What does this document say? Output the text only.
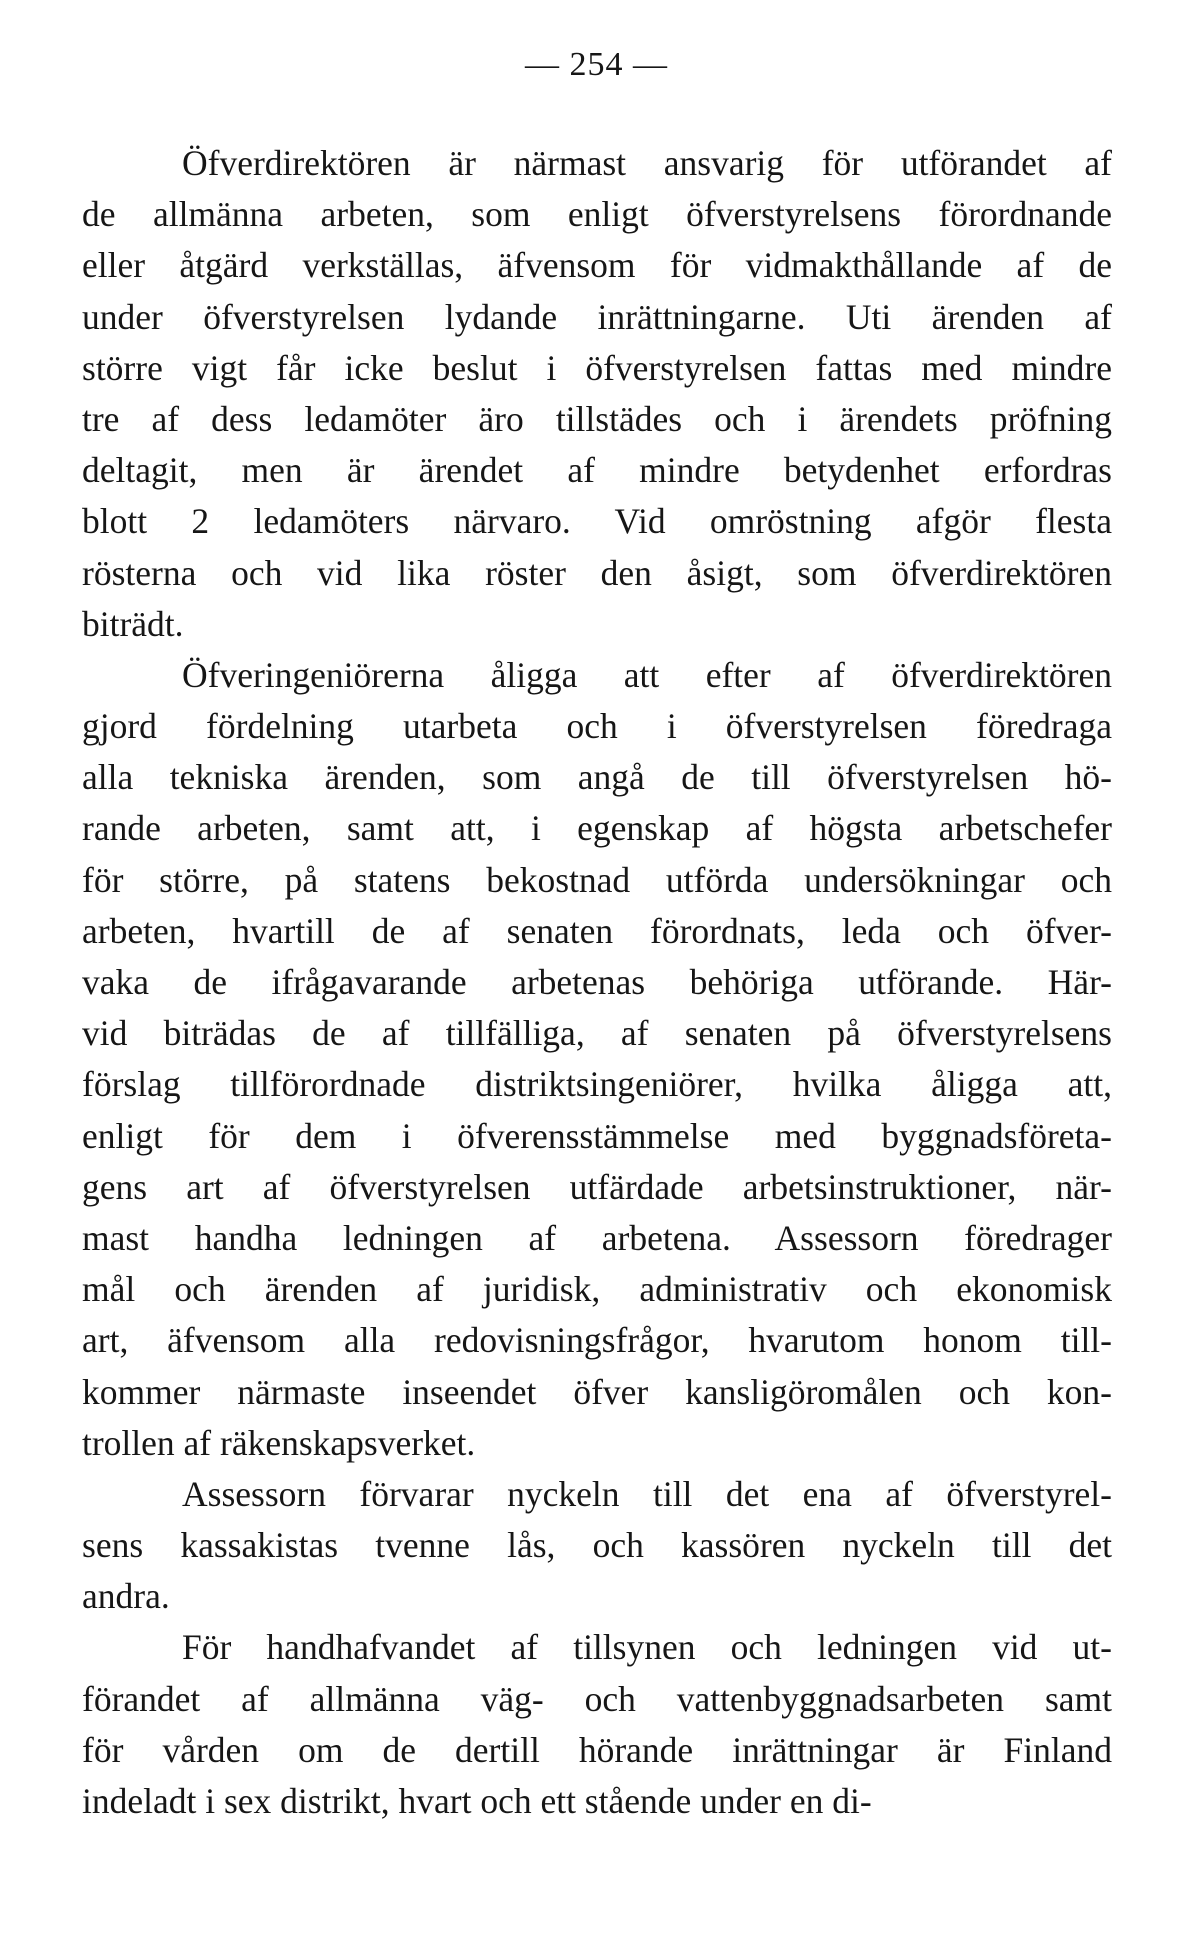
— 254 —
Öfverdirektören är närmast ansvarig för utförandet af
de allmänna arbeten, som enligt öfverstyrelsens förordnande
eller åtgärd verkställas, äfvensom för vidmakthållande af de
under öfverstyrelsen lydande inrättningarne. Uti ärenden af
större vigt får icke beslut i öfverstyrelsen fattas med mindre
tre af dess ledamöter äro tillstädes och i ärendets pröfning
deltagit, men är ärendet af mindre betydenhet erfordras
blott 2 ledamöters närvaro. Vid omröstning afgör flesta
rösterna och vid lika röster den åsigt, som öfverdirektören
biträdt.
Öfveringeniörerna åligga att efter af öfverdirektören
gjord fördelning utarbeta och i öfverstyrelsen föredraga
alla tekniska ärenden, som angå de till öfverstyrelsen hö-
rande arbeten, samt att, i egenskap af högsta arbetschefer
för större, på statens bekostnad utförda undersökningar och
arbeten, hvartill de af senaten förordnats, leda och öfver-
vaka de ifrågavarande arbetenas behöriga utförande. Här-
vid biträdas de af tillfälliga, af senaten på öfverstyrelsens
förslag tillförordnade distriktsingeniörer, hvilka åligga att,
enligt för dem i öfverensstämmelse med byggnadsföreta-
gens art af öfverstyrelsen utfärdade arbetsinstruktioner, när-
mast handha ledningen af arbetena. Assessorn föredrager
mål och ärenden af juridisk, administrativ och ekonomisk
art, äfvensom alla redovisningsfrågor, hvarutom honom till-
kommer närmaste inseendet öfver kansligöromålen och kon-
trollen af räkenskapsverket.
Assessorn förvarar nyckeln till det ena af öfverstyrel-
sens kassakistas tvenne lås, och kassören nyckeln till det
andra.
För handhafvandet af tillsynen och ledningen vid ut-
förandet af allmänna väg- och vattenbyggnadsarbeten samt
för vården om de dertill hörande inrättningar är Finland
indeladt i sex distrikt, hvart och ett stående under en di-
